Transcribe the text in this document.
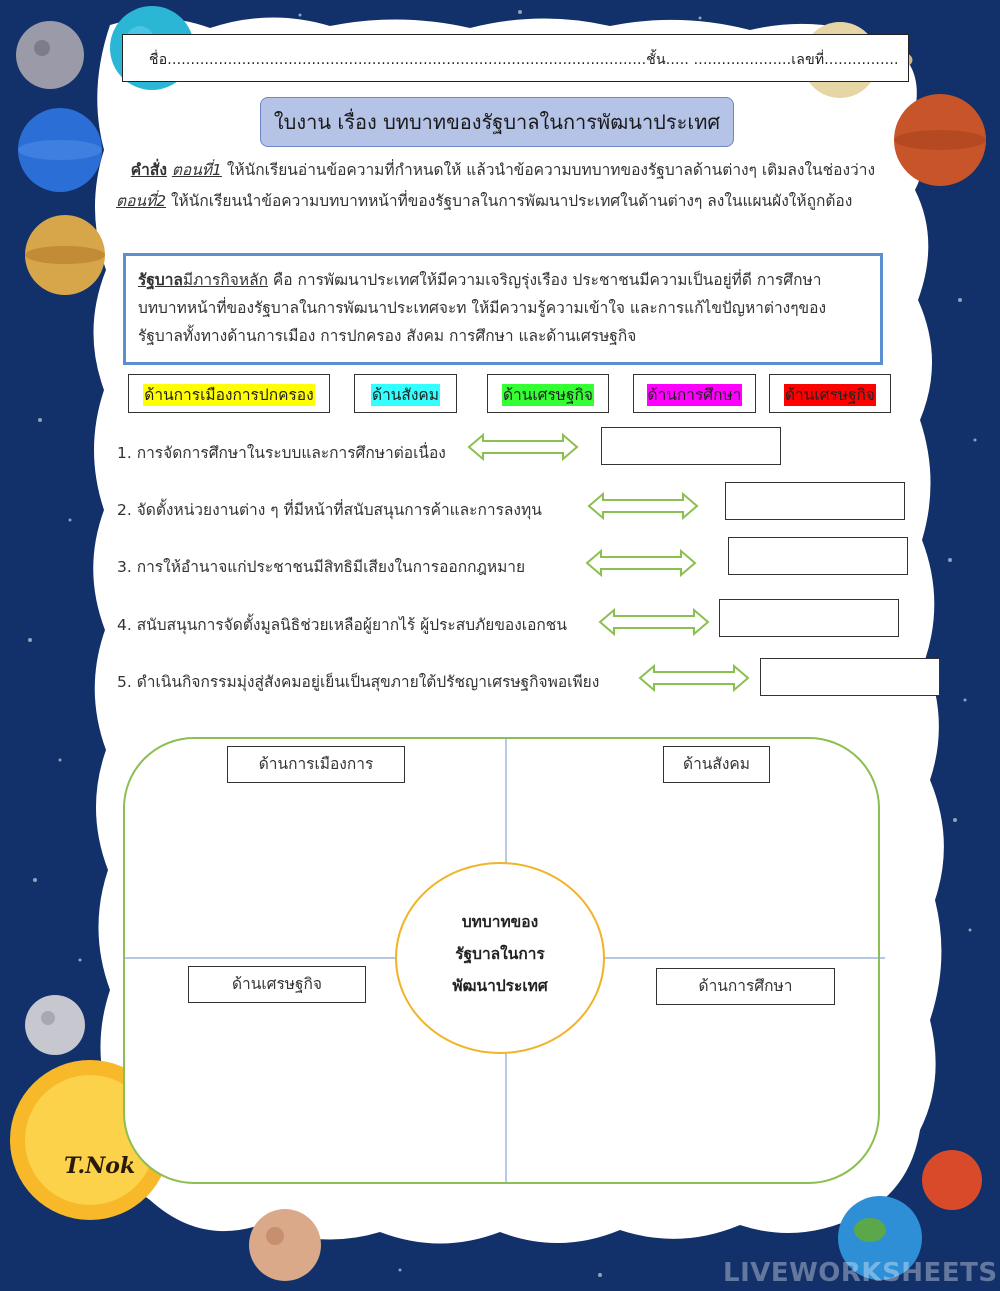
ชื่อ.......................................................................................................ชั้น..... .....................เลขที่................
ใบงาน เรื่อง บทบาทของรัฐบาลในการพัฒนาประเทศ
คำสั่ง ตอนที่1 ให้นักเรียนอ่านข้อความที่กำหนดให้ แล้วนำข้อความบทบาทของรัฐบาลด้านต่างๆ เติมลงในช่องว่าง ตอนที่2 ให้นักเรียนนำข้อความบทบาทหน้าที่ของรัฐบาลในการพัฒนาประเทศในด้านต่างๆ ลงในแผนผังให้ถูกต้อง
รัฐบาลมีภารกิจหลัก คือ การพัฒนาประเทศให้มีความเจริญรุ่งเรือง ประชาชนมีความเป็นอยู่ที่ดี การศึกษา บทบาทหน้าที่ของรัฐบาลในการพัฒนาประเทศจะท ให้มีความรู้ความเข้าใจ และการแก้ไขปัญหาต่างๆของรัฐบาลทั้งทางด้านการเมือง การปกครอง สังคม การศึกษา และด้านเศรษฐกิจ
ด้านการเมืองการปกครอง	ด้านสังคม	ด้านเศรษฐกิจ	ด้านการศึกษา	ด้านเศรษฐกิจ
1. การจัดการศึกษาในระบบและการศึกษาต่อเนื่อง
2. จัดตั้งหน่วยงานต่าง ๆ ที่มีหน้าที่สนับสนุนการค้าและการลงทุน
3. การให้อำนาจแก่ประชาชนมีสิทธิมีเสียงในการออกกฎหมาย
4. สนับสนุนการจัดตั้งมูลนิธิช่วยเหลือผู้ยากไร้ ผู้ประสบภัยของเอกชน
5. ดำเนินกิจกรรมมุ่งสู่สังคมอยู่เย็นเป็นสุขภายใต้ปรัชญาเศรษฐกิจพอเพียง
ด้านการเมืองการ	ด้านสังคม
ด้านเศรษฐกิจ	ด้านการศึกษา
บทบาทของ
รัฐบาลในการ
พัฒนาประเทศ
T.Nok
LIVEWORKSHEETS
